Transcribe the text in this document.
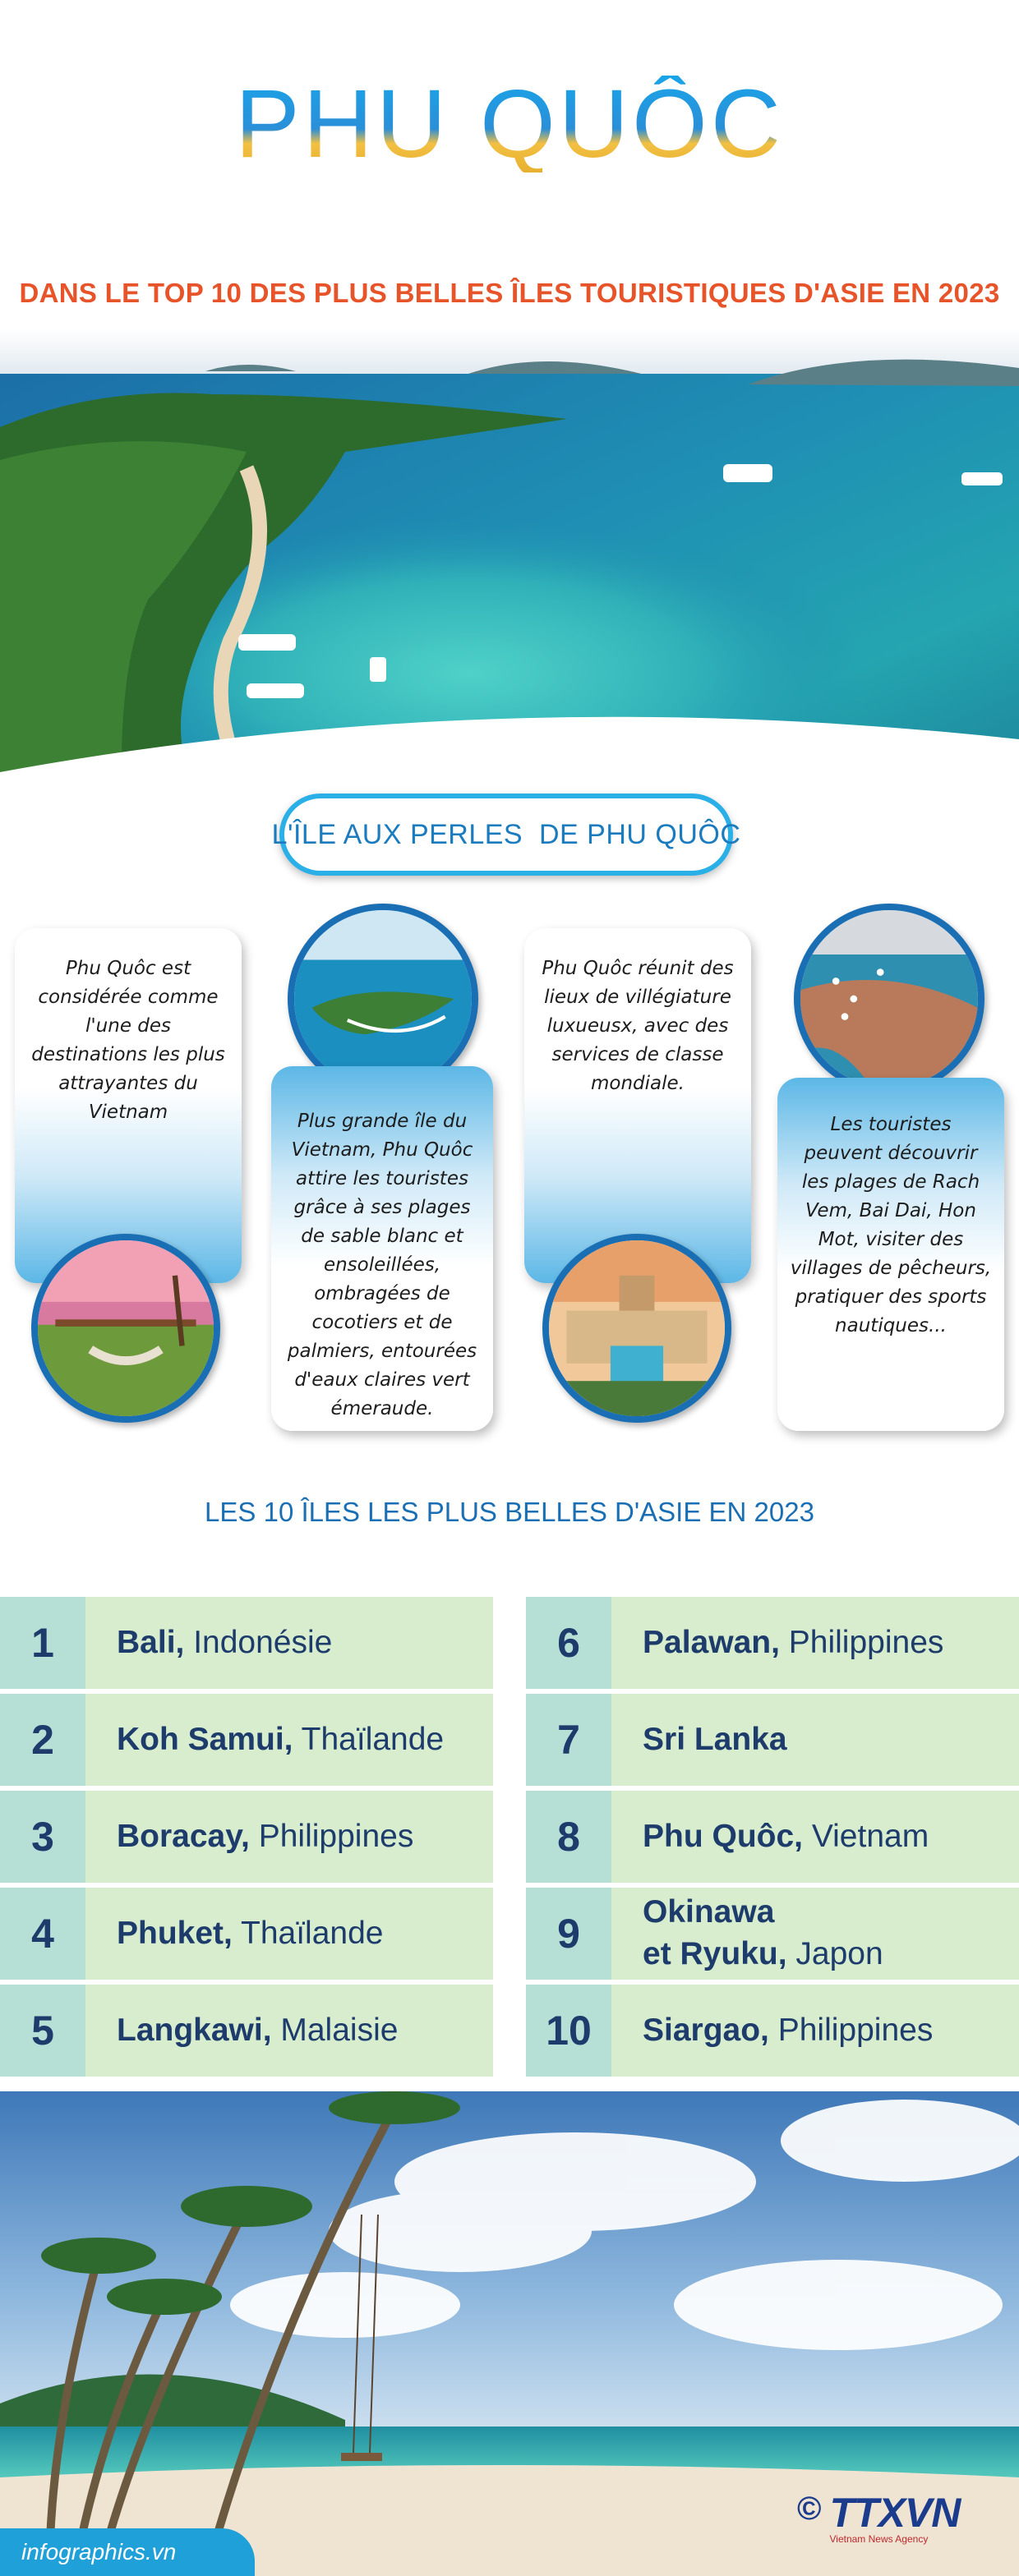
PHU QUÔC
DANS LE TOP 10 DES PLUS BELLES ÎLES TOURISTIQUES D'ASIE EN 2023
L'ÎLE AUX PERLES  DE PHU QUÔC
Phu Quôc est considérée comme l'une des destinations les plus attrayantes du Vietnam	Plus grande île du Vietnam, Phu Quôc attire les touristes grâce à ses plages de sable blanc et ensoleillées, ombragées de cocotiers et de palmiers, entourées d'eaux claires vert émeraude.
Phu Quôc réunit des lieux de villégiature luxueusx, avec des services de classe mondiale.
Les touristes peuvent découvrir les plages de Rach Vem, Bai Dai, Hon Mot, visiter des villages de pêcheurs, pratiquer des sports nautiques...
LES 10 ÎLES LES PLUS BELLES D'ASIE EN 2023
1	Bali, Indonésie
2	Koh Samui, Thaïlande
3	Boracay, Philippines
4	Phuket, Thaïlande
5	Langkawi, Malaisie
6	Palawan, Philippines
7	Sri Lanka
8	Phu Quôc, Vietnam
9	Okinawa
et Ryuku, Japon
10	Siargao, Philippines
infographics.vn
© TTXVN
Vietnam News Agency
